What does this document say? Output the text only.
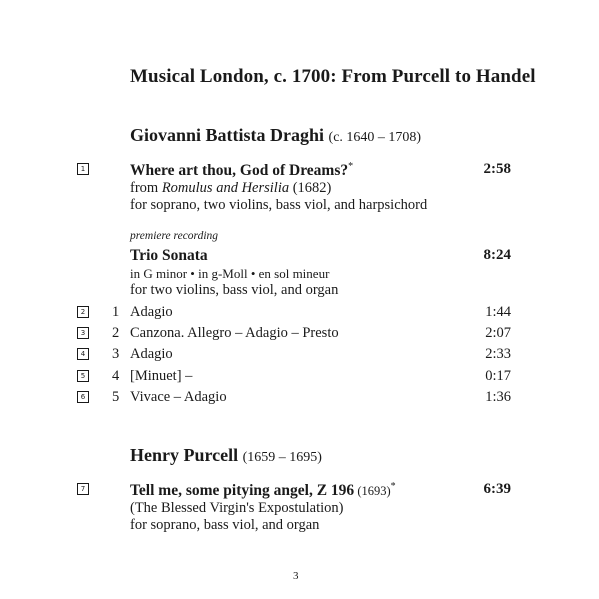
Musical London, c. 1700: From Purcell to Handel
Giovanni Battista Draghi (c. 1640 – 1708)
1	Where art thou, God of Dreams?*	2:58
from Romulus and Hersilia (1682)
for soprano, two violins, bass viol, and harpsichord
premiere recording
Trio Sonata	8:24
in G minor • in g-Moll • en sol mineur
for two violins, bass viol, and organ
2 1 Adagio	1:44
3 2 Canzona. Allegro – Adagio – Presto	2:07
4 3 Adagio	2:33
5 4 [Minuet] –	0:17
6 5 Vivace – Adagio	1:36
Henry Purcell (1659 – 1695)
7	Tell me, some pitying angel, Z 196 (1693)*	6:39
(The Blessed Virgin's Expostulation)
for soprano, bass viol, and organ
3
